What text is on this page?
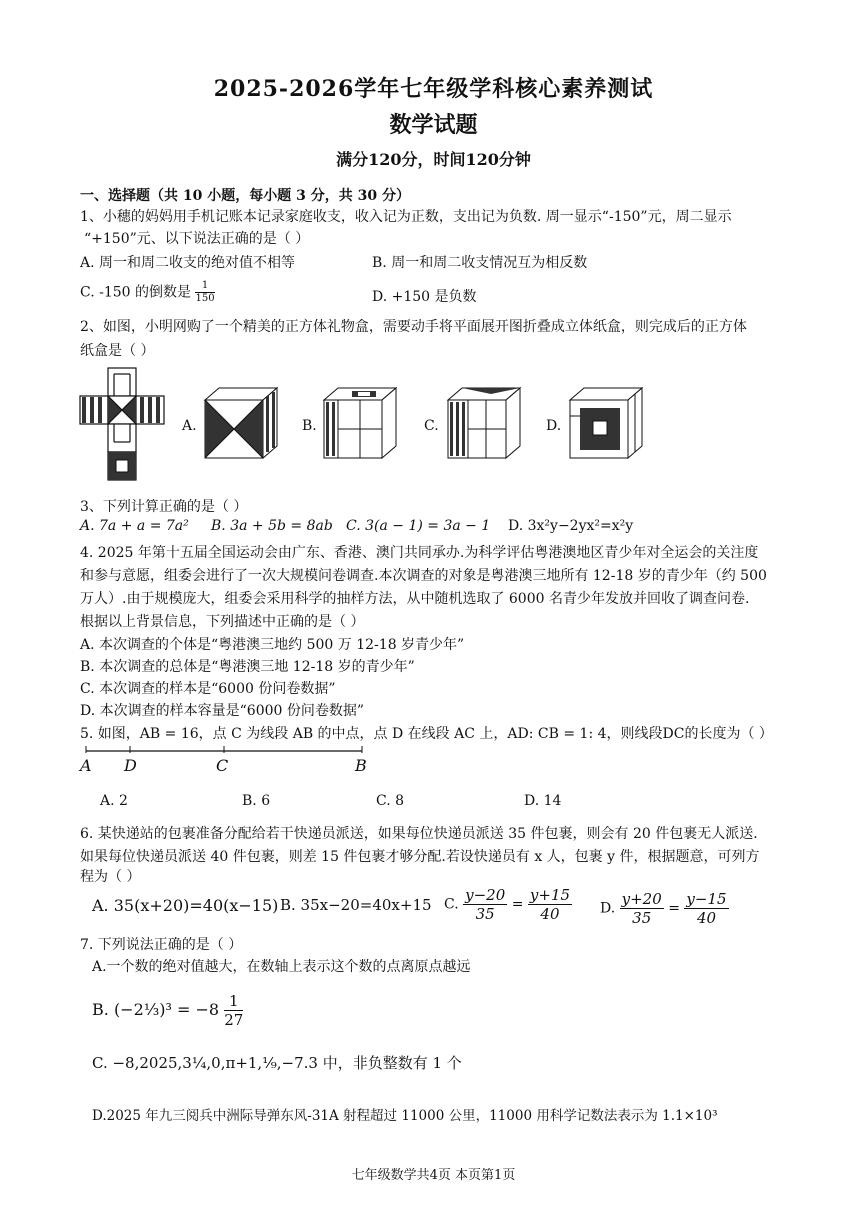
2025-2026学年七年级学科核心素养测试
数学试题
满分120分，时间120分钟
一、选择题（共 10 小题，每小题 3 分，共 30 分）
1、小穗的妈妈用手机记账本记录家庭收支，收入记为正数，支出记为负数. 周一显示“-150”元，周二显示
“+150”元、以下说法正确的是（ ）
A. 周一和周二收支的绝对值不相等	B. 周一和周二收支情况互为相反数
C. -150 的倒数是 $\frac{1}{150}$	D. +150 是负数
2、如图，小明网购了一个精美的正方体礼物盒，需要动手将平面展开图折叠成立体纸盒，则完成后的正方体
纸盒是（ ）
A.	B.	C.	D.
3、下列计算正确的是（ ）
A. 7a + a = 7a² B. 3a + 5b = 8ab C. 3(a − 1) = 3a − 1 D. 3x²y−2yx²=x²y
4. 2025 年第十五届全国运动会由广东、香港、澳门共同承办.为科学评估粤港澳地区青少年对全运会的关注度
和参与意愿，组委会进行了一次大规模问卷调查.本次调查的对象是粤港澳三地所有 12-18 岁的青少年（约 500
万人）.由于规模庞大，组委会采用科学的抽样方法，从中随机选取了 6000 名青少年发放并回收了调查问卷.
根据以上背景信息，下列描述中正确的是（ ）
A. 本次调查的个体是“粤港澳三地约 500 万 12-18 岁青少年”
B. 本次调查的总体是“粤港澳三地 12-18 岁的青少年”
C. 本次调查的样本是“6000 份问卷数据”
D. 本次调查的样本容量是“6000 份问卷数据”
5. 如图，AB = 16，点 C 为线段 AB 的中点，点 D 在线段 AC 上，AD: CB = 1: 4，则线段DC的长度为（ ）
A D	C	B
A. 2	B. 6	C. 8	D. 14
6. 某快递站的包裹准备分配给若干快递员派送，如果每位快递员派送 35 件包裹，则会有 20 件包裹无人派送.
如果每位快递员派送 40 件包裹，则差 15 件包裹才够分配.若设快递员有 x 人，包裹 y 件，根据题意，可列方
程为（ ）
A. 35(x+20)=40(x−15) B. 35x−20=40x+15 C. $\frac{y-20}{35} = \frac{y+15}{40} D$. $\frac{y+20}{35} = \frac{y-15}{40}$
7. 下列说法正确的是（ ）
A.一个数的绝对值越大，在数轴上表示这个数的点离原点越远
B. (−2⅓)³ = $-8 \frac{1}{27}$
C. −8,2025,3¼,0,π+1,¹⁄₉,−7.3 中，非负整数有 1 个
D.2025 年九三阅兵中洲际导弹东风-31A 射程超过 11000 公里，11000 用科学记数法表示为 1.1×10³
七年级数学共4页 本页第1页
